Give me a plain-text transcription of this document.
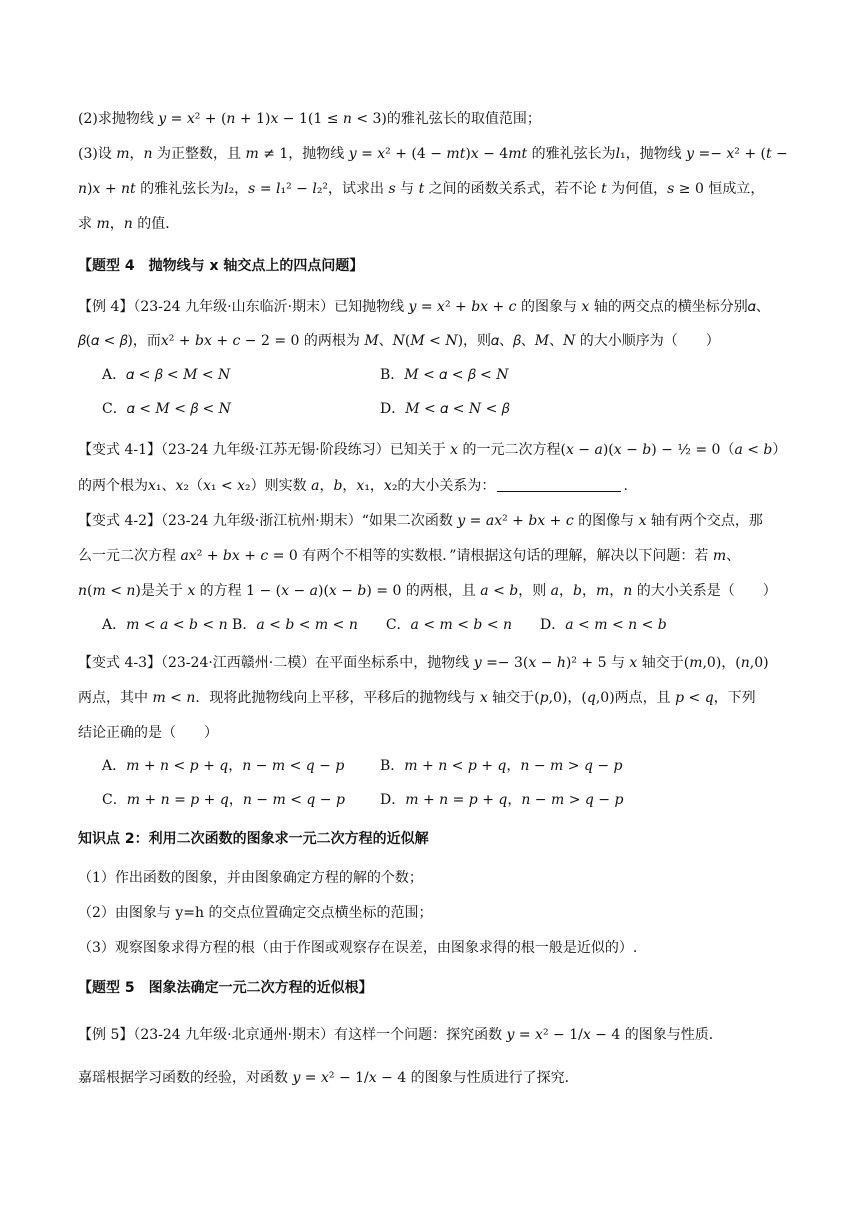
(2)求抛物线 𝑦 = 𝑥² + (𝑛 + 1)𝑥 − 1(1 ≤ 𝑛 < 3)的雅礼弦长的取值范围；
(3)设 𝑚，𝑛 为正整数，且 𝑚 ≠ 1，抛物线 𝑦 = 𝑥² + (4 − 𝑚𝑡)𝑥 − 4𝑚𝑡 的雅礼弦长为𝑙₁，抛物线 𝑦 =− 𝑥² + (𝑡 −
𝑛)𝑥 + 𝑛𝑡 的雅礼弦长为𝑙₂，𝑠 = 𝑙₁² − 𝑙₂²，试求出 𝑠 与 𝑡 之间的函数关系式，若不论 𝑡 为何值，𝑠 ≥ 0 恒成立，
求 𝑚，𝑛 的值．
【题型 4　抛物线与 x 轴交点上的四点问题】
【例 4】（23-24 九年级·山东临沂·期末）已知抛物线 𝑦 = 𝑥² + 𝑏𝑥 + 𝑐 的图象与 𝑥 轴的两交点的横坐标分别𝛼、
𝛽(𝛼 < 𝛽)，而𝑥² + 𝑏𝑥 + 𝑐 − 2 = 0 的两根为 𝑀、𝑁(𝑀 < 𝑁)，则𝛼、𝛽、𝑀、𝑁 的大小顺序为（　　）
A．𝛼 < 𝛽 < 𝑀 < 𝑁	B．𝑀 < 𝛼 < 𝛽 < 𝑁
C．𝛼 < 𝑀 < 𝛽 < 𝑁	D．𝑀 < 𝛼 < 𝑁 < 𝛽
【变式 4-1】（23-24 九年级·江苏无锡·阶段练习）已知关于 𝑥 的一元二次方程(𝑥 − 𝑎)(𝑥 − 𝑏) − ½ = 0（𝑎 < 𝑏）
的两个根为𝑥₁、𝑥₂（𝑥₁ < 𝑥₂）则实数 𝑎，𝑏，𝑥₁，𝑥₂的大小关系为：	.
【变式 4-2】（23-24 九年级·浙江杭州·期末）“如果二次函数 𝑦 = 𝑎𝑥² + 𝑏𝑥 + 𝑐 的图像与 𝑥 轴有两个交点，那
么一元二次方程 𝑎𝑥² + 𝑏𝑥 + 𝑐 = 0 有两个不相等的实数根．”请根据这句话的理解，解决以下问题：若 𝑚、
𝑛(𝑚 < 𝑛)是关于 𝑥 的方程 1 − (𝑥 − 𝑎)(𝑥 − 𝑏) = 0 的两根，且 𝑎 < 𝑏，则 𝑎，𝑏，𝑚，𝑛 的大小关系是（　　）
A．𝑚 < 𝑎 < 𝑏 < 𝑛 B．𝑎 < 𝑏 < 𝑚 < 𝑛　　C．𝑎 < 𝑚 < 𝑏 < 𝑛　　D．𝑎 < 𝑚 < 𝑛 < 𝑏
【变式 4-3】（23-24·江西赣州·二模）在平面坐标系中，抛物线 𝑦 =− 3(𝑥 − ℎ)² + 5 与 𝑥 轴交于(𝑚,0)，(𝑛,0)
两点，其中 𝑚 < 𝑛．现将此抛物线向上平移，平移后的抛物线与 𝑥 轴交于(𝑝,0)，(𝑞,0)两点，且 𝑝 < 𝑞，下列
结论正确的是（　　）
A．𝑚 + 𝑛 < 𝑝 + 𝑞，𝑛 − 𝑚 < 𝑞 − 𝑝	B．𝑚 + 𝑛 < 𝑝 + 𝑞，𝑛 − 𝑚 > 𝑞 − 𝑝
C．𝑚 + 𝑛 = 𝑝 + 𝑞，𝑛 − 𝑚 < 𝑞 − 𝑝	D．𝑚 + 𝑛 = 𝑝 + 𝑞，𝑛 − 𝑚 > 𝑞 − 𝑝
知识点 2：利用二次函数的图象求一元二次方程的近似解
（1）作出函数的图象，并由图象确定方程的解的个数；
（2）由图象与 y=h 的交点位置确定交点横坐标的范围；
（3）观察图象求得方程的根（由于作图或观察存在误差，由图象求得的根一般是近似的）.
【题型 5　图象法确定一元二次方程的近似根】
【例 5】（23-24 九年级·北京通州·期末）有这样一个问题：探究函数 𝑦 = 𝑥² − 1/𝑥 − 4 的图象与性质．
嘉瑶根据学习函数的经验，对函数 𝑦 = 𝑥² − 1/𝑥 − 4 的图象与性质进行了探究．
